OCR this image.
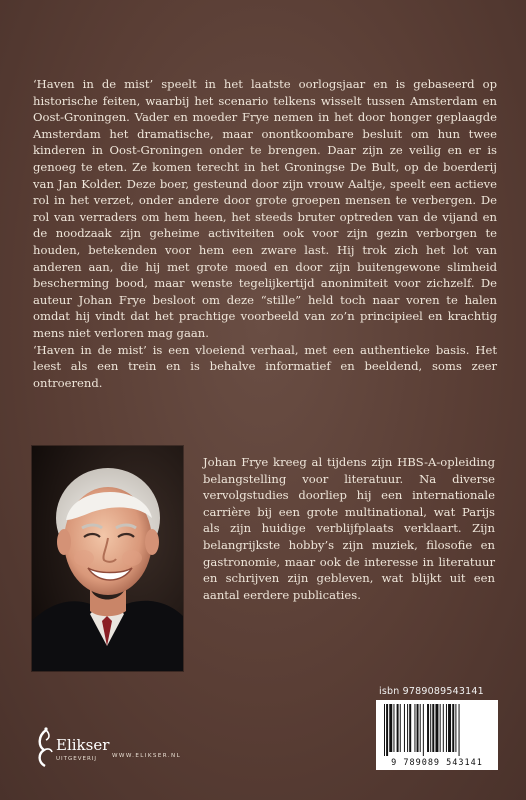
‘Haven in de mist’ speelt in het laatste oorlogsjaar en is gebaseerd op historische feiten, waarbij het scenario telkens wisselt tussen Amsterdam en Oost-Groningen. Vader en moeder Frye nemen in het door honger geplaagde Amsterdam het dramatische, maar onontkoombare besluit om hun twee kinderen in Oost-Groningen onder te brengen. Daar zijn ze veilig en er is genoeg te eten. Ze komen terecht in het Groningse De Bult, op de boerderij van Jan Kolder. Deze boer, gesteund door zijn vrouw Aaltje, speelt een actieve rol in het verzet, onder andere door grote groepen mensen te verbergen. De rol van verraders om hem heen, het steeds bruter optreden van de vijand en de noodzaak zijn geheime activiteiten ook voor zijn gezin verborgen te houden, betekenden voor hem een zware last. Hij trok zich het lot van anderen aan, die hij met grote moed en door zijn buitengewone slimheid bescherming bood, maar wenste tegelijkertijd anonimiteit voor zichzelf. De auteur Johan Frye besloot om deze “stille” held toch naar voren te halen omdat hij vindt dat het prachtige voorbeeld van zo’n principieel en krachtig mens niet verloren mag gaan.

‘Haven in de mist’ is een vloeiend verhaal, met een authentieke basis. Het leest als een trein en is behalve informatief en beeldend, soms zeer ontroerend.

Johan Frye kreeg al tijdens zijn HBS-A-opleiding belangstelling voor literatuur. Na diverse vervolgstudies doorliep hij een internationale carrière bij een grote multinational, wat Parijs als zijn huidige verblijfplaats verklaart. Zijn belangrijkste hobby’s zijn muziek, filosofie en gastronomie, maar ook de interesse in literatuur en schrijven zijn gebleven, wat blijkt uit een aantal eerdere publicaties.

isbn 9789089543141
9 789089 543141
Elikser
UITGEVERIJ	WWW.ELIKSER.NL
